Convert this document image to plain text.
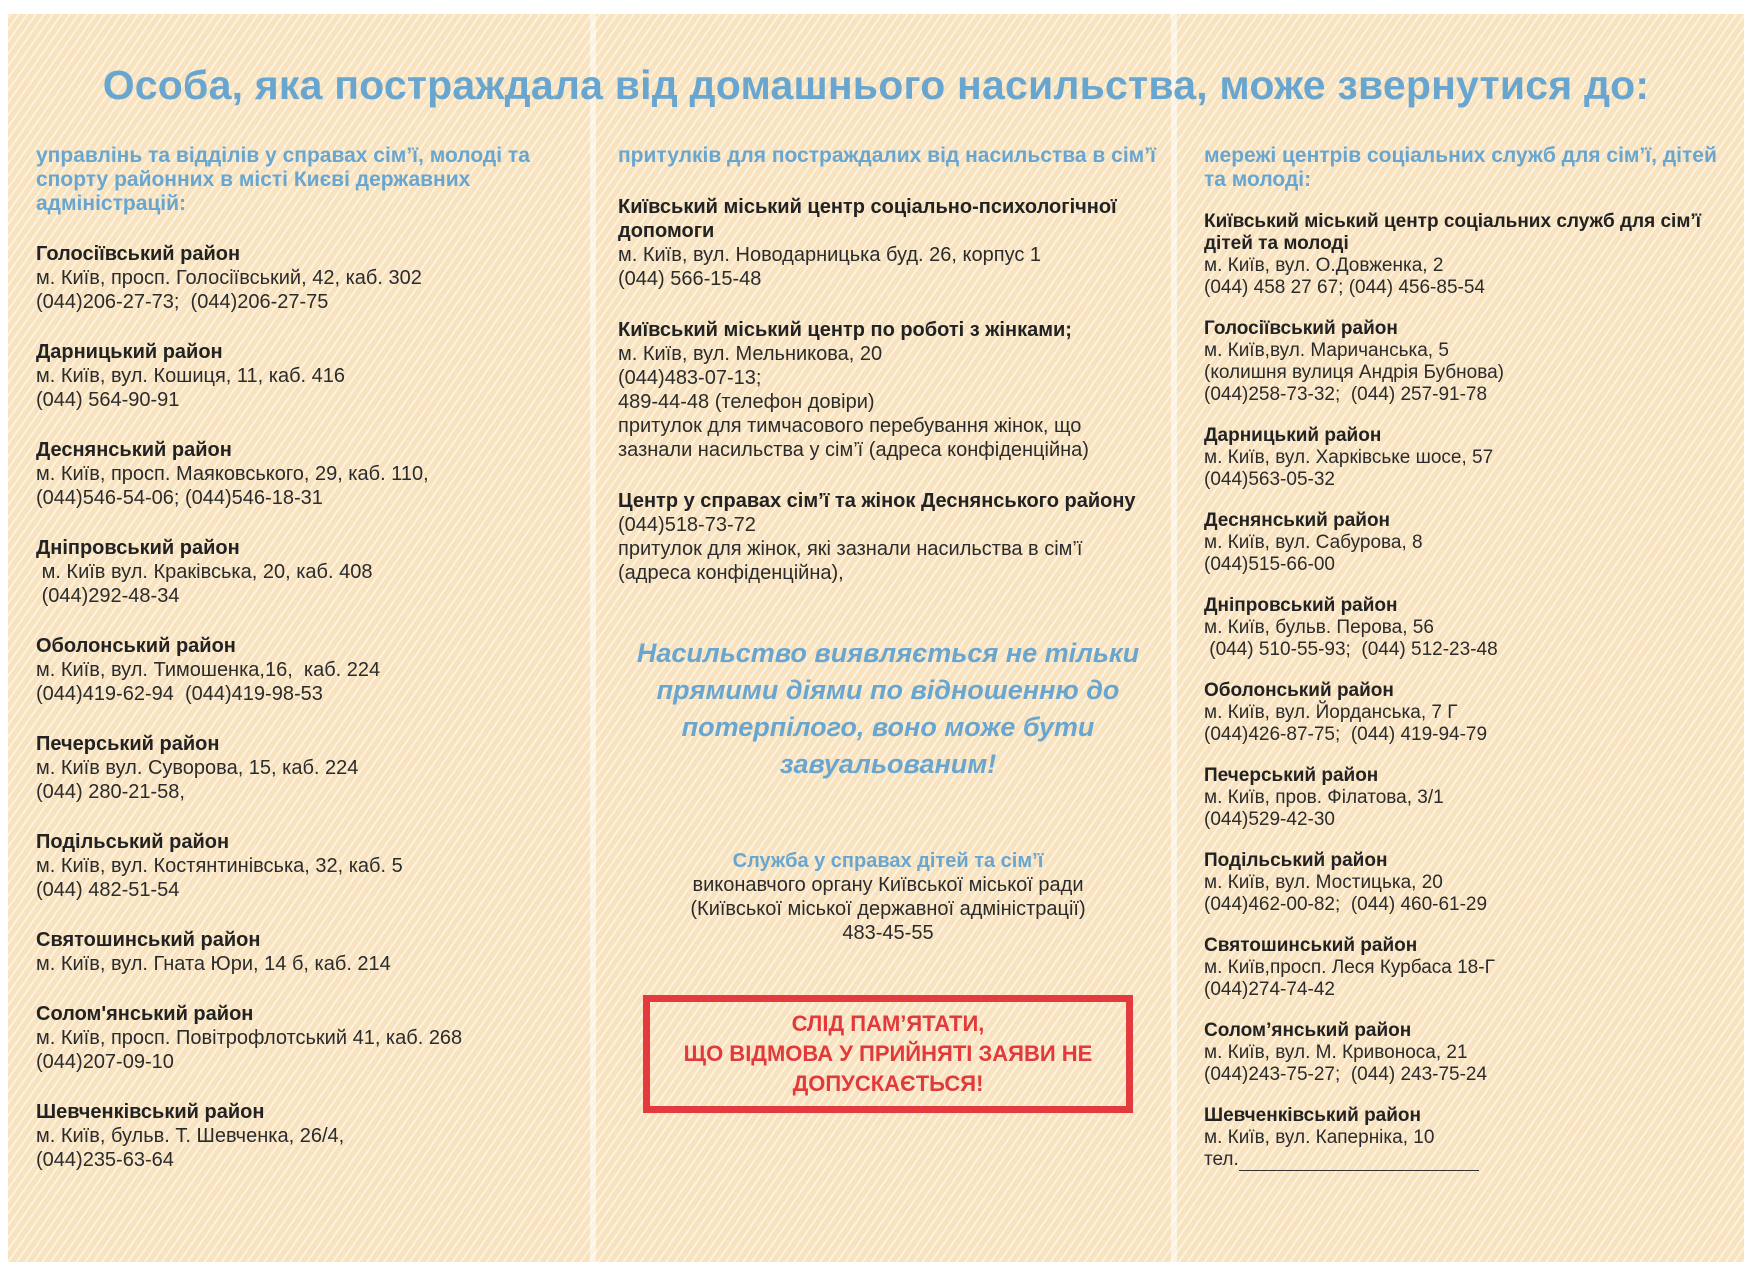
Особа, яка постраждала від домашнього насильства, може звернутися до:
управлінь та відділів у справах сім’ї, молоді та спорту районних в місті Києві державних адміністрацій:
Голосіївський район
м. Київ, просп. Голосіївський, 42, каб. 302
(044)206-27-73;  (044)206-27-75
Дарницький район
м. Київ, вул. Кошиця, 11, каб. 416
(044) 564-90-91
Деснянський район
м. Київ, просп. Маяковського, 29, каб. 110,
(044)546-54-06; (044)546-18-31
Дніпровський район
м. Київ вул. Краківська, 20, каб. 408
(044)292-48-34
Оболонський район
м. Київ, вул. Тимошенка,16,  каб. 224
(044)419-62-94  (044)419-98-53
Печерський район
м. Київ вул. Суворова, 15, каб. 224
(044) 280-21-58,
Подільський район
м. Київ, вул. Костянтинівська, 32, каб. 5
(044) 482-51-54
Святошинський район
м. Київ, вул. Гната Юри, 14 б, каб. 214
Солом'янський район
м. Київ, просп. Повітрофлотський 41, каб. 268
(044)207-09-10
Шевченківський район
м. Київ, бульв. Т. Шевченка, 26/4,
(044)235-63-64
притулків для постраждалих від насильства в сім’ї
Київський міський центр соціально-психологічної допомоги
м. Київ, вул. Новодарницька буд. 26, корпус 1
(044) 566-15-48
Київський міський центр по роботі з жінками;
м. Київ, вул. Мельникова, 20
(044)483-07-13;
489-44-48 (телефон довіри)
притулок для тимчасового перебування жінок, що зазнали насильства у сім’ї (адреса конфіденційна)
Центр у справах сім’ї та жінок Деснянського району
(044)518-73-72
притулок для жінок, які зазнали насильства в сім’ї (адреса конфіденційна),
Насильство виявляється не тільки прямими діями по відношенню до потерпілого, воно може бути завуальованим!
Служба у справах дітей та сім’ї
виконавчого органу Київської міської ради
(Київської міської державної адміністрації)
483-45-55
СЛІД ПАМ’ЯТАТИ,
ЩО ВІДМОВА У ПРИЙНЯТІ ЗАЯВИ НЕ
ДОПУСКАЄТЬСЯ!
мережі центрів соціальних служб для сім’ї, дітей та молоді:
Київський міський центр соціальних служб для сім’ї дітей та молоді
м. Київ, вул. О.Довженка, 2
(044) 458 27 67; (044) 456-85-54
Голосіївський район
м. Київ,вул. Маричанська, 5
(колишня вулиця Андрія Бубнова)
(044)258-73-32;  (044) 257-91-78
Дарницький район
м. Київ, вул. Харківське шосе, 57
(044)563-05-32
Деснянський район
м. Київ, вул. Сабурова, 8
(044)515-66-00
Дніпровський район
м. Київ, бульв. Перова, 56
(044) 510-55-93;  (044) 512-23-48
Оболонський район
м. Київ, вул. Йорданська, 7 Г
(044)426-87-75;  (044) 419-94-79
Печерський район
м. Київ, пров. Філатова, 3/1
(044)529-42-30
Подільський район
м. Київ, вул. Мостицька, 20
(044)462-00-82;  (044) 460-61-29
Святошинський район
м. Київ,просп. Леся Курбаса 18-Г
(044)274-74-42
Солом’янський район
м. Київ, вул. М. Кривоноса, 21
(044)243-75-27;  (044) 243-75-24
Шевченківський район
м. Київ, вул. Каперніка, 10
тел.
